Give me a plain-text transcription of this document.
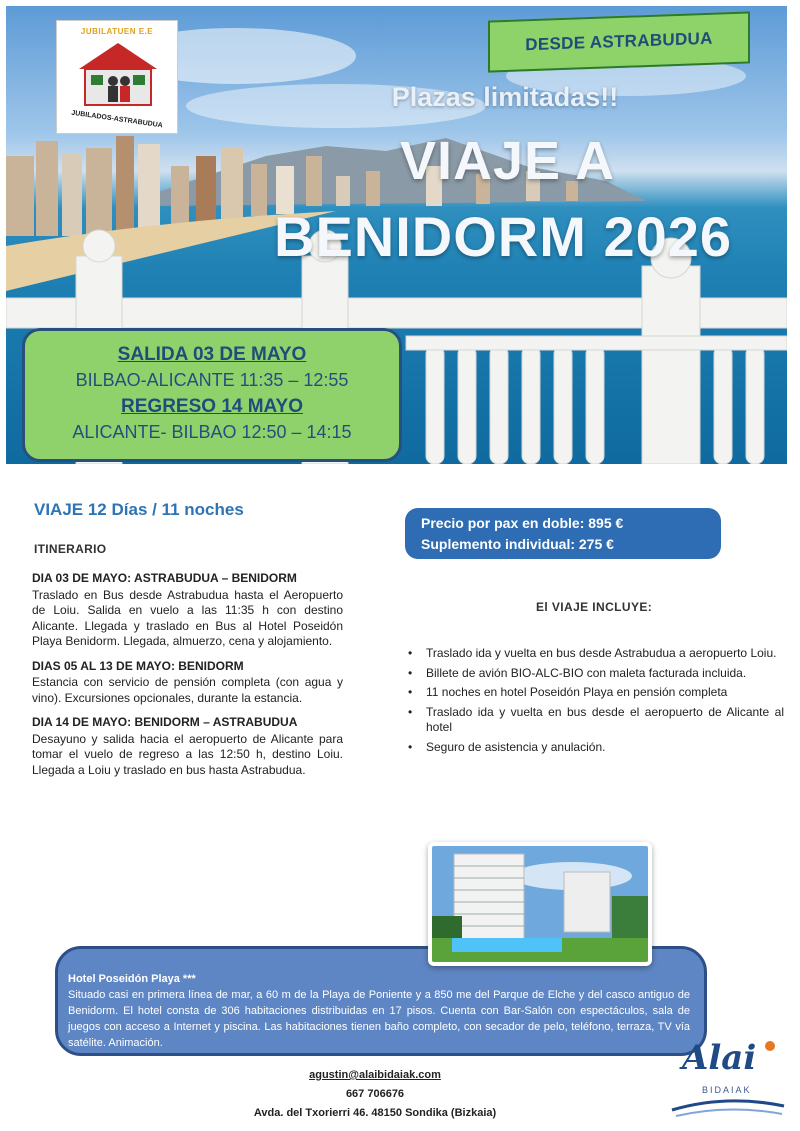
JUBILATUEN E.E
JUBILADOS-ASTRABUDUA
DESDE ASTRABUDUA
Plazas limitadas!!
VIAJE A
BENIDORM 2026
SALIDA 03 DE MAYO
BILBAO-ALICANTE 11:35 – 12:55
REGRESO 14 MAYO
ALICANTE- BILBAO 12:50 – 14:15
VIAJE 12 Días / 11 noches
ITINERARIO
DIA 03 DE MAYO: ASTRABUDUA – BENIDORM
Traslado en Bus desde Astrabudua hasta el Aeropuerto de Loiu. Salida en vuelo a las 11:35 h con destino Alicante. Llegada y traslado en Bus al Hotel Poseidón Playa Benidorm. Llegada, almuerzo, cena y alojamiento.
DIAS 05 AL 13 DE MAYO: BENIDORM
Estancia con servicio de pensión completa (con agua y vino). Excursiones opcionales, durante la estancia.
DIA 14 DE MAYO: BENIDORM – ASTRABUDUA
Desayuno y salida hacia el aeropuerto de Alicante para tomar el vuelo de regreso a las 12:50 h, destino Loiu. Llegada a Loiu y traslado en bus hasta Astrabudua.
Precio por pax en doble: 895 €
Suplemento individual: 275 €
El VIAJE INCLUYE:
• Traslado ida y vuelta en bus desde Astrabudua a aeropuerto Loiu.
• Billete de avión BIO-ALC-BIO con maleta facturada incluida.
• 11 noches en hotel Poseidón Playa en pensión completa
• Traslado ida y vuelta en bus desde el aeropuerto de Alicante al hotel
• Seguro de asistencia y anulación.
Hotel Poseidón Playa ***
Situado casi en primera línea de mar, a 60 m de la Playa de Poniente y a 850 me del Parque de Elche y del casco antiguo de Benidorm. El hotel consta de 306 habitaciones distribuidas en 17 pisos. Cuenta con Bar-Salón con espectáculos, sala de juegos con acceso a Internet y piscina. Las habitaciones tienen baño completo, con secador de pelo, teléfono, terraza, TV vía satélite. Animación.
agustin@alaibidaiak.com
667 706676
Avda. del Txorierri 46. 48150 Sondika (Bizkaia)
Alai
BIDAIAK
